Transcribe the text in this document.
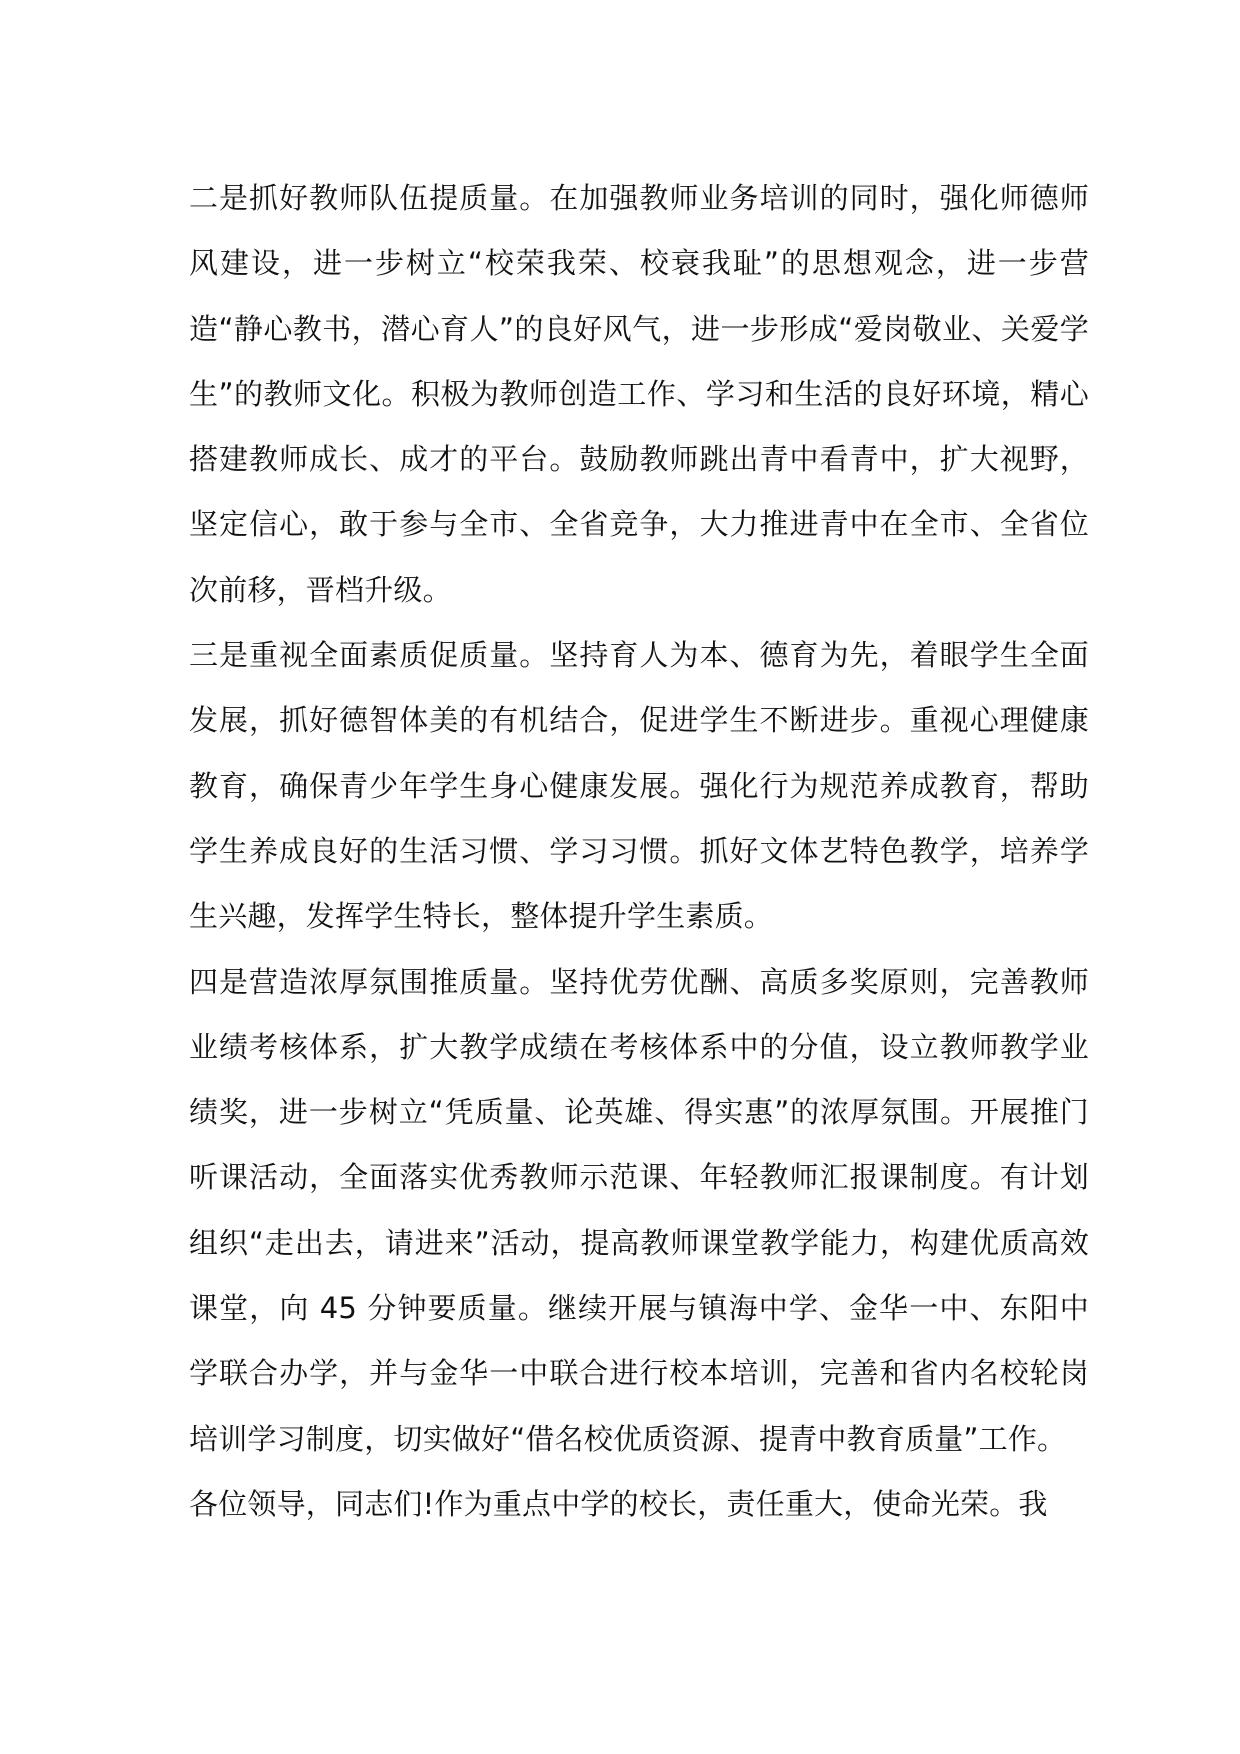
二是抓好教师队伍提质量。在加强教师业务培训的同时，强化师德师风建设，进一步树立“校荣我荣、校衰我耻”的思想观念，进一步营造“静心教书，潜心育人”的良好风气，进一步形成“爱岗敬业、关爱学生”的教师文化。积极为教师创造工作、学习和生活的良好环境，精心搭建教师成长、成才的平台。鼓励教师跳出青中看青中，扩大视野，坚定信心，敢于参与全市、全省竞争，大力推进青中在全市、全省位次前移，晋档升级。

三是重视全面素质促质量。坚持育人为本、德育为先，着眼学生全面发展，抓好德智体美的有机结合，促进学生不断进步。重视心理健康教育，确保青少年学生身心健康发展。强化行为规范养成教育，帮助学生养成良好的生活习惯、学习习惯。抓好文体艺特色教学，培养学生兴趣，发挥学生特长，整体提升学生素质。

四是营造浓厚氛围推质量。坚持优劳优酬、高质多奖原则，完善教师业绩考核体系，扩大教学成绩在考核体系中的分值，设立教师教学业绩奖，进一步树立“凭质量、论英雄、得实惠”的浓厚氛围。开展推门听课活动，全面落实优秀教师示范课、年轻教师汇报课制度。有计划组织“走出去，请进来”活动，提高教师课堂教学能力，构建优质高效课堂，向 45 分钟要质量。继续开展与镇海中学、金华一中、东阳中学联合办学，并与金华一中联合进行校本培训，完善和省内名校轮岗培训学习制度，切实做好“借名校优质资源、提青中教育质量”工作。

各位领导，同志们!作为重点中学的校长，责任重大，使命光荣。我
